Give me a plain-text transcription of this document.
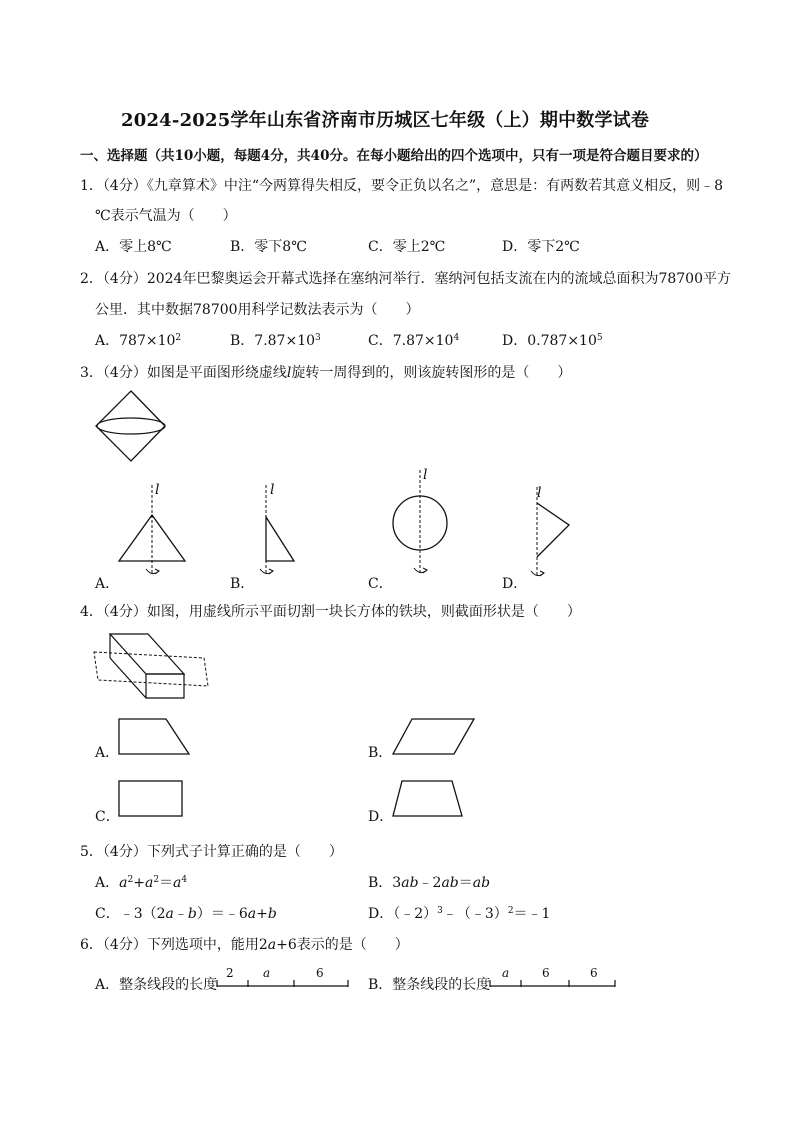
2024-2025学年山东省济南市历城区七年级（上）期中数学试卷
一、选择题（共10小题，每题4分，共40分。在每小题给出的四个选项中，只有一项是符合题目要求的）
1．（4分）《九章算术》中注“今两算得失相反，要令正负以名之”，意思是：有两数若其意义相反，则﹣8
℃表示气温为（　　）
A．零上8℃	B．零下8℃	C．零上2℃	D．零下2℃
2．（4分）2024年巴黎奥运会开幕式选择在塞纳河举行．塞纳河包括支流在内的流域总面积为78700平方
公里．其中数据78700用科学记数法表示为（　　）
A．$787\times 10^2$	B．$7.87\times 10^3$	C．$7.87\times 10^4$	D．$0.787\times 10^5$
3．（4分）如图是平面图形绕虚线l旋转一周得到的，则该旋转图形的是（　　）
l	l
l
l
A．	B．	C．	D．
4．（4分）如图，用虚线所示平面切割一块长方体的铁块，则截面形状是（　　）
A．	B．
C．	D．
5．（4分）下列式子计算正确的是（　　）
A．$a^2+a^2=a^4$	B．3ab﹣2ab＝ab
C．﹣3（2a﹣b）＝﹣6a+b	D．（﹣2）$^3$﹣（﹣3）$^2$＝﹣1
6．（4分）下列选项中，能用2a+6表示的是（　　）
A．整条线段的长度
2 a	6
B．整条线段的长度
a	6	6
